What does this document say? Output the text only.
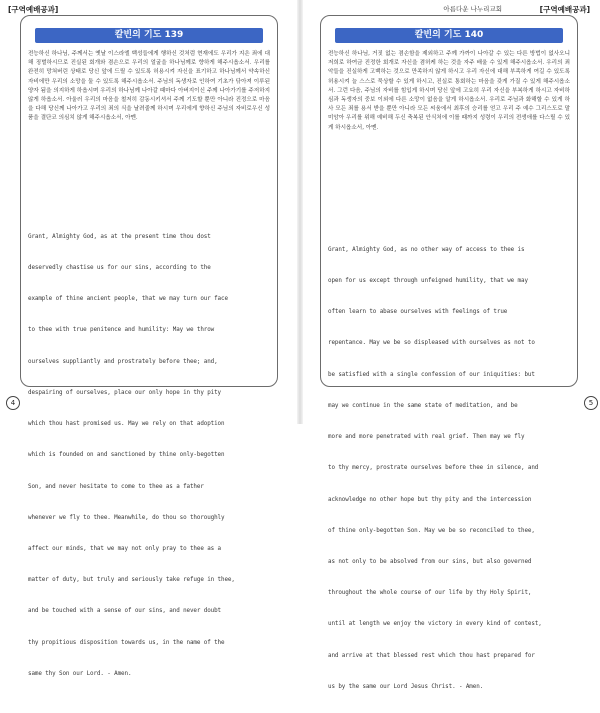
[구역예배공과]
칼빈의 기도 139

전능하신 하나님, 주께서는 옛날 이스라엘 백성들에게 행하신 것처럼 현재에도 우리가 지은 죄에 대해 징벌하시므로 진실된 회개와 겸손으로 우리의 얼굴을 하나님께로 향하게 해주시옵소서. 우리를 완전히 망쳐버린 상태로 당신 앞에 드릴 수 있도록 허용시켜 자신을 표기하고 하나님께서 약속하신 자비에만 우리의 소망을 둘 수 있도록 해주시옵소서. 주님의 독생자로 인하여 기초가 닦아져 이루된 양자 됨을 의지하게 하옵시며 우리의 하나님께 나아갈 때마다 아버지이신 주께 나아가기를 주저하지 않게 하옵소서. 아울러 우리의 마음을 철저히 감동시키셔서 주께 기도할 뿐만 아니라 진정으로 마음을 다해 당신께 나아가고 우리의 죄의 식을 날려줄께 하시며 우리에게 향하신 주님의 자비로우신 성품을 결단코 의심치 않게 해주시옵소서, 아멘.

Grant, Almighty God, as at the present time thou dost

deservedly chastise us for our sins, according to the

example of thine ancient people, that we may turn our face

to thee with true penitence and humility: May we throw

ourselves suppliantly and prostrately before thee; and,

despairing of ourselves, place our only hope in thy pity

which thou hast promised us. May we rely on that adoption

which is founded on and sanctioned by thine only-begotten

Son, and never hesitate to come to thee as a father

whenever we fly to thee. Meanwhile, do thou so thoroughly

affect our minds, that we may not only pray to thee as a

matter of duty, but truly and seriously take refuge in thee,

and be touched with a sense of our sins, and never doubt

thy propitious disposition towards us, in the name of the

same thy Son our Lord. - Amen.

4
아름다운 나누리교회	[구역예배공과]
칼빈의 기도 140

전능하신 하나님, 거짓 없는 겸손함을 제외하고 주께 가까이 나아갈 수 있는 다른 방법이 없사오니 저희로 하여금 진정한 회개로 자신을 겸허케 하는 것을 자주 배울 수 있게 해주시옵소서. 우리의 죄악들을 진실하게 고백하는 것으로 만족하지 않게 하시고 우리 자신에 대해 부족하게 여길 수 있도록 허용시켜 늘 스스로 묵상할 수 있게 하시고, 진실로 통회하는 마음을 갖게 가질 수 있게 해주시옵소서. 그런 다음, 주님의 자비를 힘입게 하시며 당신 앞에 고요히 우리 자신을 부복하게 하시고 자비하심과 독생자의 중보 이외에 다른 소망이 없음을 알게 하시옵소서. 우리로 주님과 화해할 수 있게 하사 모든 죄를 용서 받을 뿐만 아니라 모든 씨움에서 최후의 승리를 얻고 우리 주 예수 그리스도로 말미암아 우리를 위해 예비해 두신 축복된 안식처에 이를 때까지 성령이 우리의 전생애를 다스릴 수 있게 하시옵소서, 아멘.

Grant, Almighty God, as no other way of access to thee is

open for us except through unfeigned humility, that we may

often learn to abase ourselves with feelings of true

repentance. May we be so displeased with ourselves as not to

be satisfied with a single confession of our iniquities: but

may we continue in the same state of meditation, and be

more and more penetrated with real grief. Then may we fly

to thy mercy, prostrate ourselves before thee in silence, and

acknowledge no other hope but thy pity and the intercession

of thine only-begotten Son. May we be so reconciled to thee,

as not only to be absolved from our sins, but also governed

throughout the whole course of our life by thy Holy Spirit,

until at length we enjoy the victory in every kind of contest,

and arrive at that blessed rest which thou hast prepared for

us by the same our Lord Jesus Christ. - Amen.

5
